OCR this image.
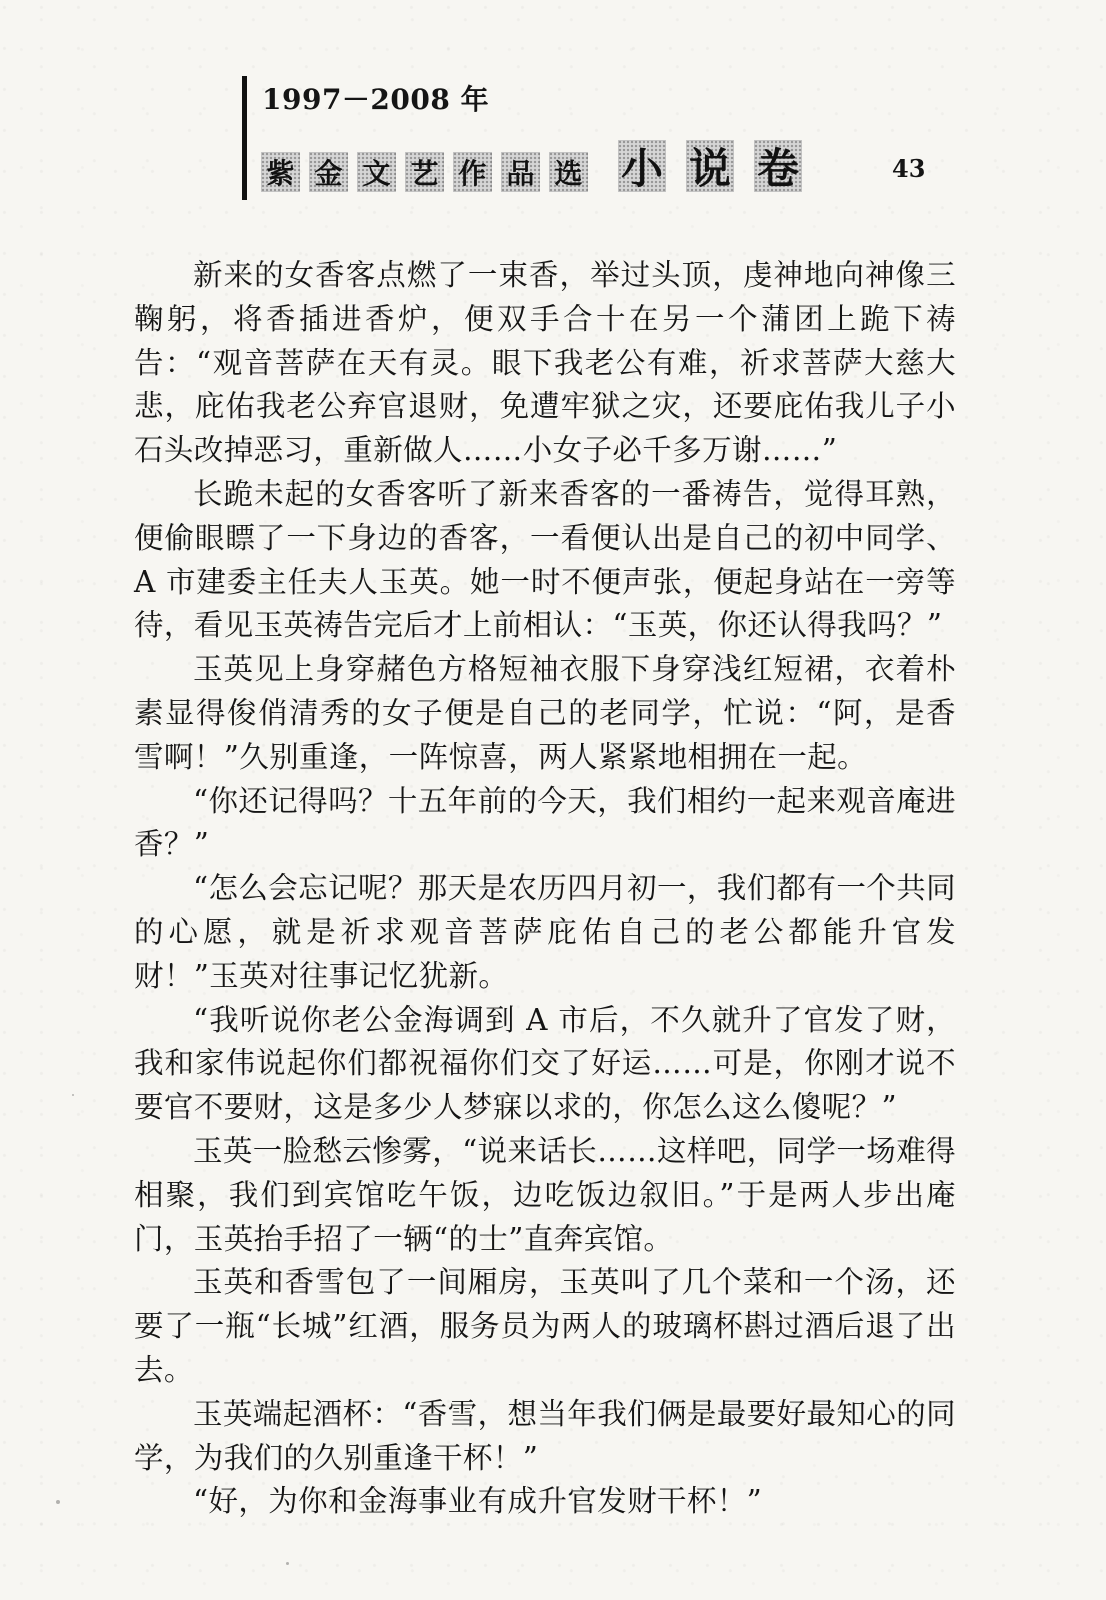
1997－2008 年
紫 金 文 艺 作 品 选 小 说 卷	43

新来的女香客点燃了一束香，举过头顶，虔神地向神像三鞠躬，将香插进香炉，便双手合十在另一个蒲团上跪下祷告：“观音菩萨在天有灵。眼下我老公有难，祈求菩萨大慈大悲，庇佑我老公弃官退财，免遭牢狱之灾，还要庇佑我儿子小石头改掉恶习，重新做人……小女子必千多万谢……”

长跪未起的女香客听了新来香客的一番祷告，觉得耳熟，便偷眼瞟了一下身边的香客，一看便认出是自己的初中同学、A 市建委主任夫人玉英。她一时不便声张，便起身站在一旁等待，看见玉英祷告完后才上前相认：“玉英，你还认得我吗？”

玉英见上身穿赭色方格短袖衣服下身穿浅红短裙，衣着朴素显得俊俏清秀的女子便是自己的老同学，忙说：“阿，是香雪啊！”久别重逢，一阵惊喜，两人紧紧地相拥在一起。

“你还记得吗？十五年前的今天，我们相约一起来观音庵进香？”

“怎么会忘记呢？那天是农历四月初一，我们都有一个共同的心愿，就是祈求观音菩萨庇佑自己的老公都能升官发财！”玉英对往事记忆犹新。

“我听说你老公金海调到 A 市后，不久就升了官发了财，我和家伟说起你们都祝福你们交了好运……可是，你刚才说不要官不要财，这是多少人梦寐以求的，你怎么这么傻呢？”

玉英一脸愁云惨雾，“说来话长……这样吧，同学一场难得相聚，我们到宾馆吃午饭，边吃饭边叙旧。”于是两人步出庵门，玉英抬手招了一辆“的士”直奔宾馆。

玉英和香雪包了一间厢房，玉英叫了几个菜和一个汤，还要了一瓶“长城”红酒，服务员为两人的玻璃杯斟过酒后退了出去。

玉英端起酒杯：“香雪，想当年我们俩是最要好最知心的同学，为我们的久别重逢干杯！”

“好，为你和金海事业有成升官发财干杯！”
